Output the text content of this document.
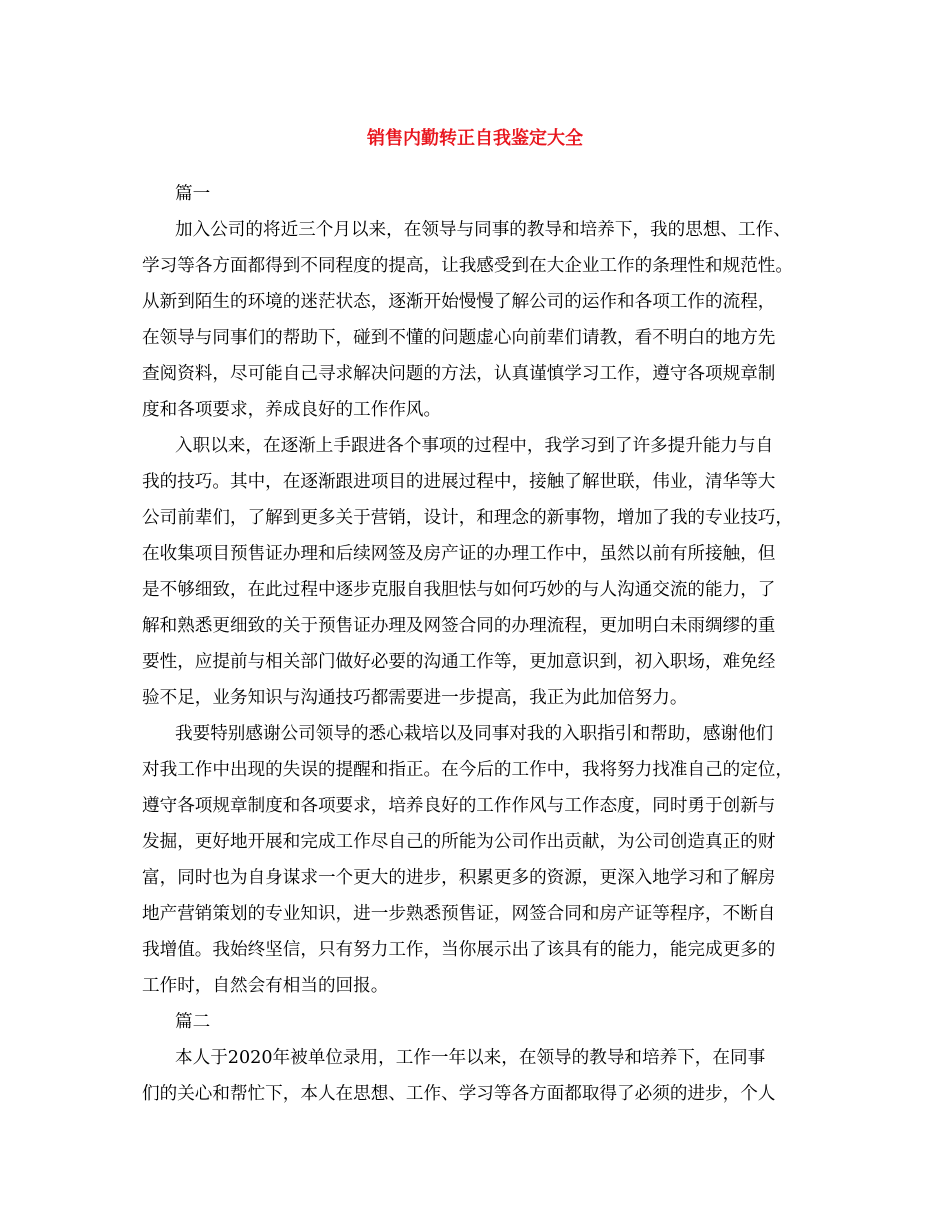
销售内勤转正自我鉴定大全
篇一
加入公司的将近三个月以来，在领导与同事的教导和培养下，我的思想、工作、
学习等各方面都得到不同程度的提高，让我感受到在大企业工作的条理性和规范性。
从新到陌生的环境的迷茫状态，逐渐开始慢慢了解公司的运作和各项工作的流程，
在领导与同事们的帮助下，碰到不懂的问题虚心向前辈们请教，看不明白的地方先
查阅资料，尽可能自己寻求解决问题的方法，认真谨慎学习工作，遵守各项规章制
度和各项要求，养成良好的工作作风。
入职以来，在逐渐上手跟进各个事项的过程中，我学习到了许多提升能力与自
我的技巧。其中，在逐渐跟进项目的进展过程中，接触了解世联，伟业，清华等大
公司前辈们，了解到更多关于营销，设计，和理念的新事物，增加了我的专业技巧，
在收集项目预售证办理和后续网签及房产证的办理工作中，虽然以前有所接触，但
是不够细致，在此过程中逐步克服自我胆怯与如何巧妙的与人沟通交流的能力，了
解和熟悉更细致的关于预售证办理及网签合同的办理流程，更加明白未雨绸缪的重
要性，应提前与相关部门做好必要的沟通工作等，更加意识到，初入职场，难免经
验不足，业务知识与沟通技巧都需要进一步提高，我正为此加倍努力。
我要特别感谢公司领导的悉心栽培以及同事对我的入职指引和帮助，感谢他们
对我工作中出现的失误的提醒和指正。在今后的工作中，我将努力找准自己的定位，
遵守各项规章制度和各项要求，培养良好的工作作风与工作态度，同时勇于创新与
发掘，更好地开展和完成工作尽自己的所能为公司作出贡献，为公司创造真正的财
富，同时也为自身谋求一个更大的进步，积累更多的资源，更深入地学习和了解房
地产营销策划的专业知识，进一步熟悉预售证，网签合同和房产证等程序，不断自
我增值。我始终坚信，只有努力工作，当你展示出了该具有的能力，能完成更多的
工作时，自然会有相当的回报。
篇二
本人于2020年被单位录用，工作一年以来，在领导的教导和培养下，在同事
们的关心和帮忙下，本人在思想、工作、学习等各方面都取得了必须的进步，个人
